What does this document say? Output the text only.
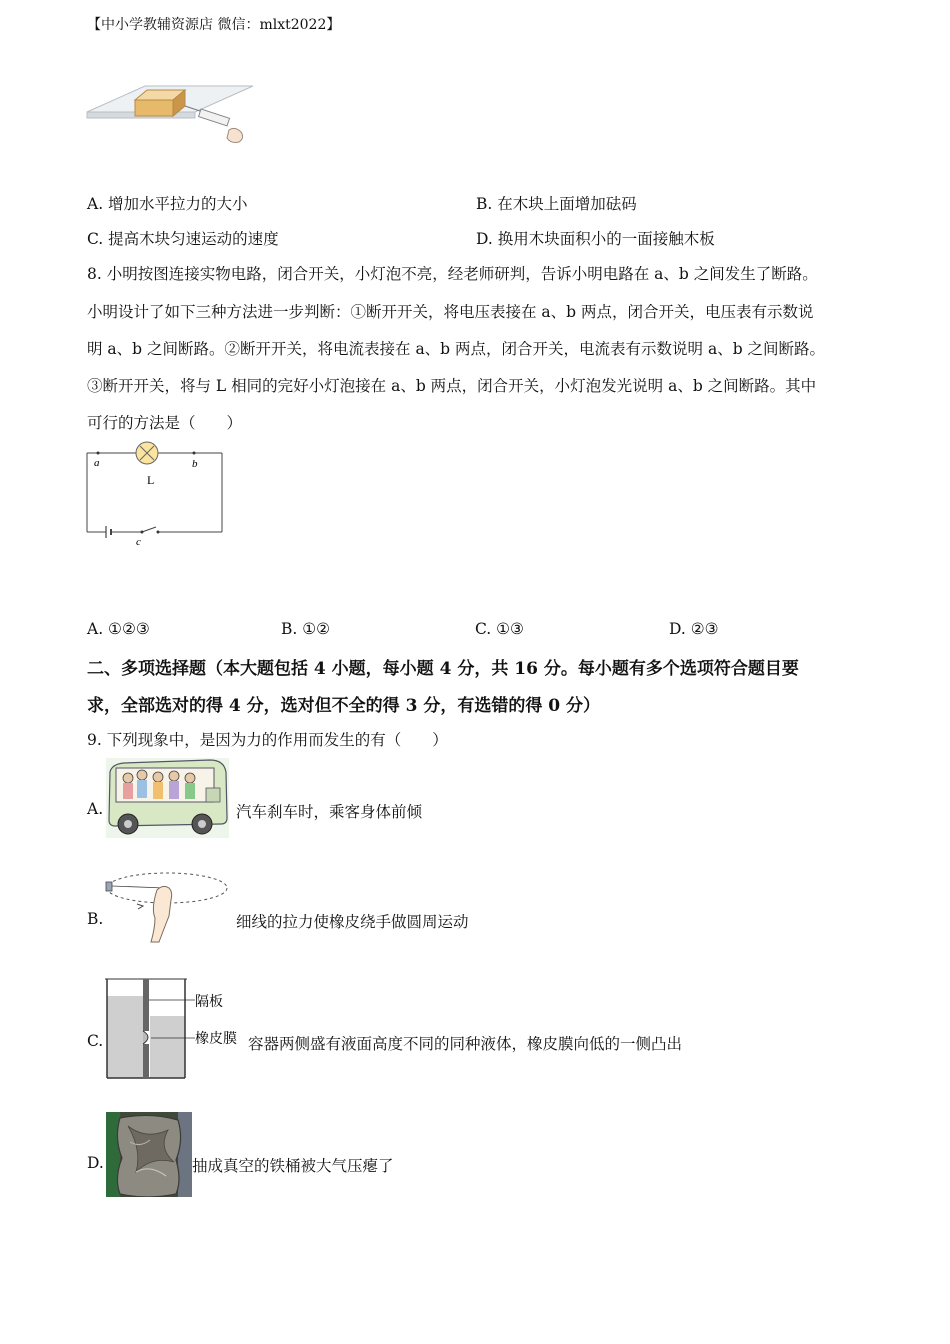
【中小学教辅资源店 微信：mlxt2022】
A. 增加水平拉力的大小	B. 在木块上面增加砝码
C. 提高木块匀速运动的速度	D. 换用木块面积小的一面接触木板
8. 小明按图连接实物电路，闭合开关，小灯泡不亮，经老师研判，告诉小明电路在 a、b 之间发生了断路。
小明设计了如下三种方法进一步判断：①断开开关，将电压表接在 a、b 两点，闭合开关，电压表有示数说
明 a、b 之间断路。②断开开关，将电流表接在 a、b 两点，闭合开关，电流表有示数说明 a、b 之间断路。
③断开开关，将与 L 相同的完好小灯泡接在 a、b 两点，闭合开关，小灯泡发光说明 a、b 之间断路。其中
可行的方法是（　　）
a	b
L
c
A. ①②③	B. ①②	C. ①③	D. ②③
二、多项选择题（本大题包括 4 小题，每小题 4 分，共 16 分。每小题有多个选项符合题目要
求，全部选对的得 4 分，选对但不全的得 3 分，有选错的得 0 分）
9. 下列现象中，是因为力的作用而发生的有（　　）
A.	汽车刹车时，乘客身体前倾
B.	细线的拉力使橡皮绕手做圆周运动
C.
隔板
橡皮膜 容器两侧盛有液面高度不同的同种液体，橡皮膜向低的一侧凸出
D.	抽成真空的铁桶被大气压瘪了
